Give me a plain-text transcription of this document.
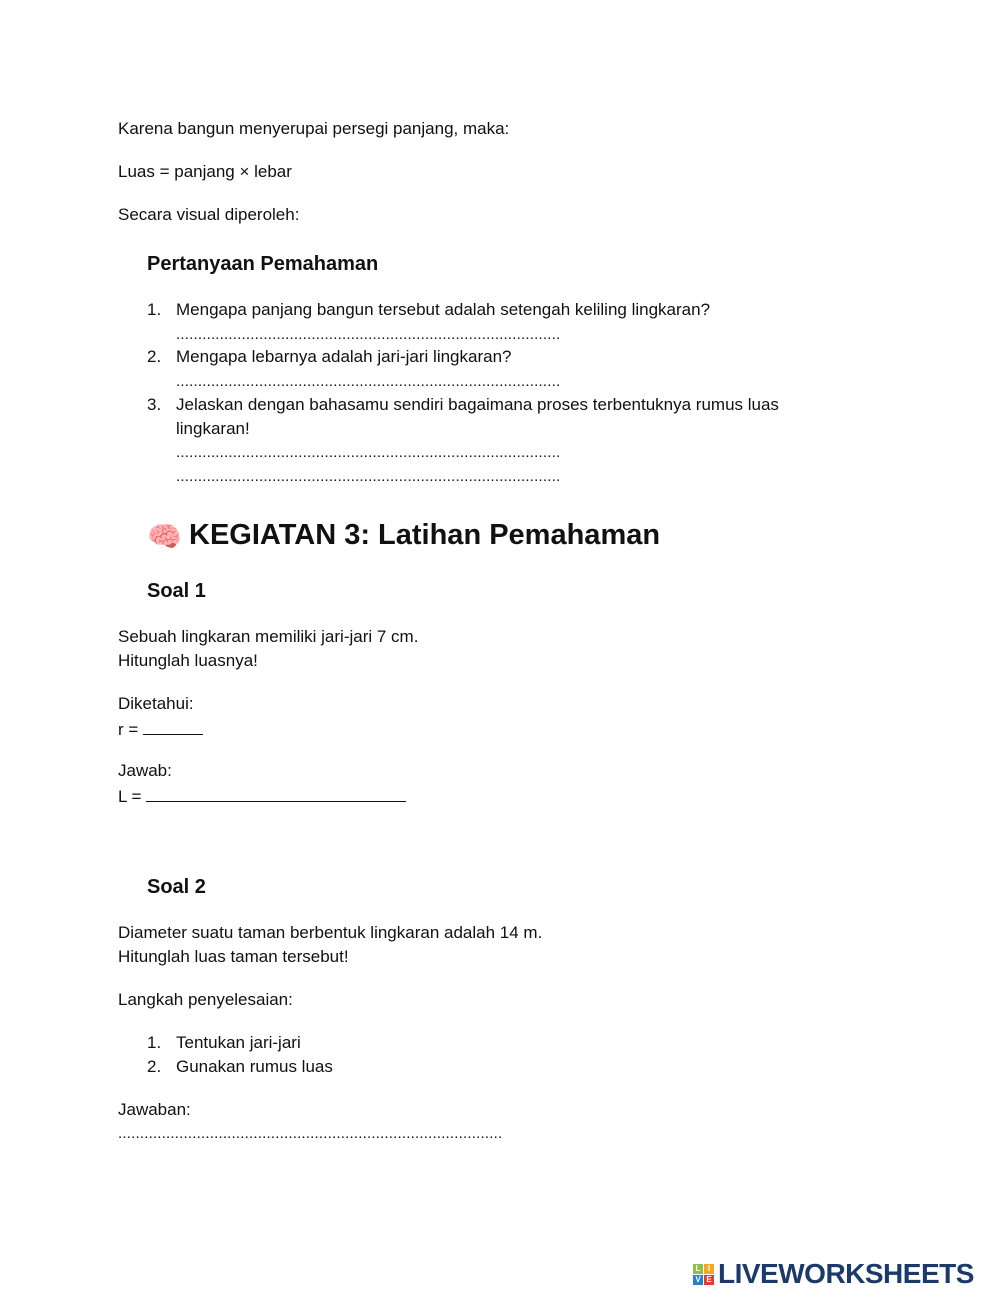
Karena bangun menyerupai persegi panjang, maka:
Luas = panjang × lebar
Secara visual diperoleh:
Pertanyaan Pemahaman
1. Mengapa panjang bangun tersebut adalah setengah keliling lingkaran?
........................................................................................
2. Mengapa lebarnya adalah jari-jari lingkaran?
........................................................................................
3. Jelaskan dengan bahasamu sendiri bagaimana proses terbentuknya rumus luas
lingkaran!
........................................................................................
........................................................................................
🧠 KEGIATAN 3: Latihan Pemahaman
Soal 1
Sebuah lingkaran memiliki jari-jari 7 cm.
Hitunglah luasnya!
Diketahui:
r =
Jawab:
L =
Soal 2
Diameter suatu taman berbentuk lingkaran adalah 14 m.
Hitunglah luas taman tersebut!
Langkah penyelesaian:
1. Tentukan jari-jari
2. Gunakan rumus luas
Jawaban:
........................................................................................
L I
V E LIVEWORKSHEETS
